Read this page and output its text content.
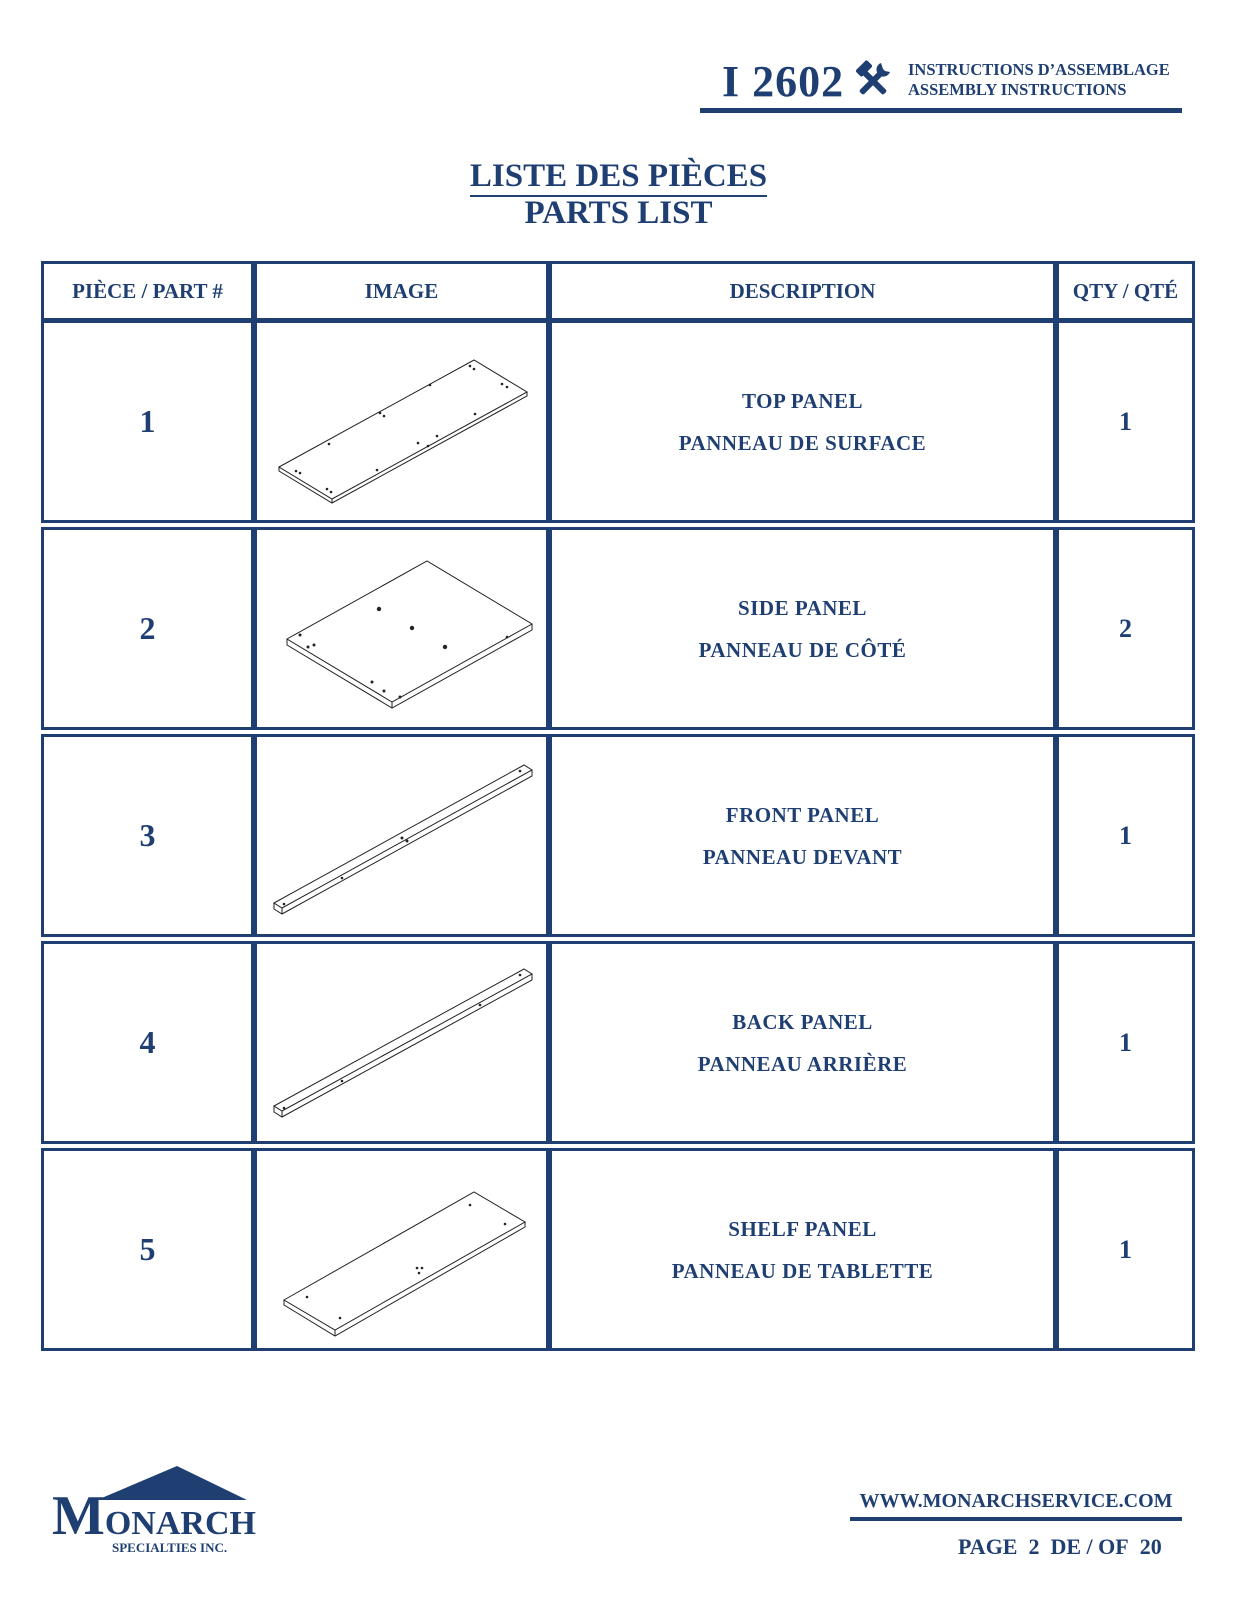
I 2602	INSTRUCTIONS D’ASSEMBLAGE
ASSEMBLY INSTRUCTIONS
LISTE DES PIÈCES
PARTS LIST
PIÈCE / PART #	IMAGE	DESCRIPTION	QTY / QTÉ
1
TOP PANEL
PANNEAU DE SURFACE
1
2
SIDE PANEL
PANNEAU DE CÔTÉ
2
3
FRONT PANEL
PANNEAU DEVANT
1
4
BACK PANEL
PANNEAU ARRIÈRE
1
5
SHELF PANEL
PANNEAU DE TABLETTE
1
MONARCH
SPECIALTIES INC.
WWW.MONARCHSERVICE.COM
PAGE 2 DE / OF 20
